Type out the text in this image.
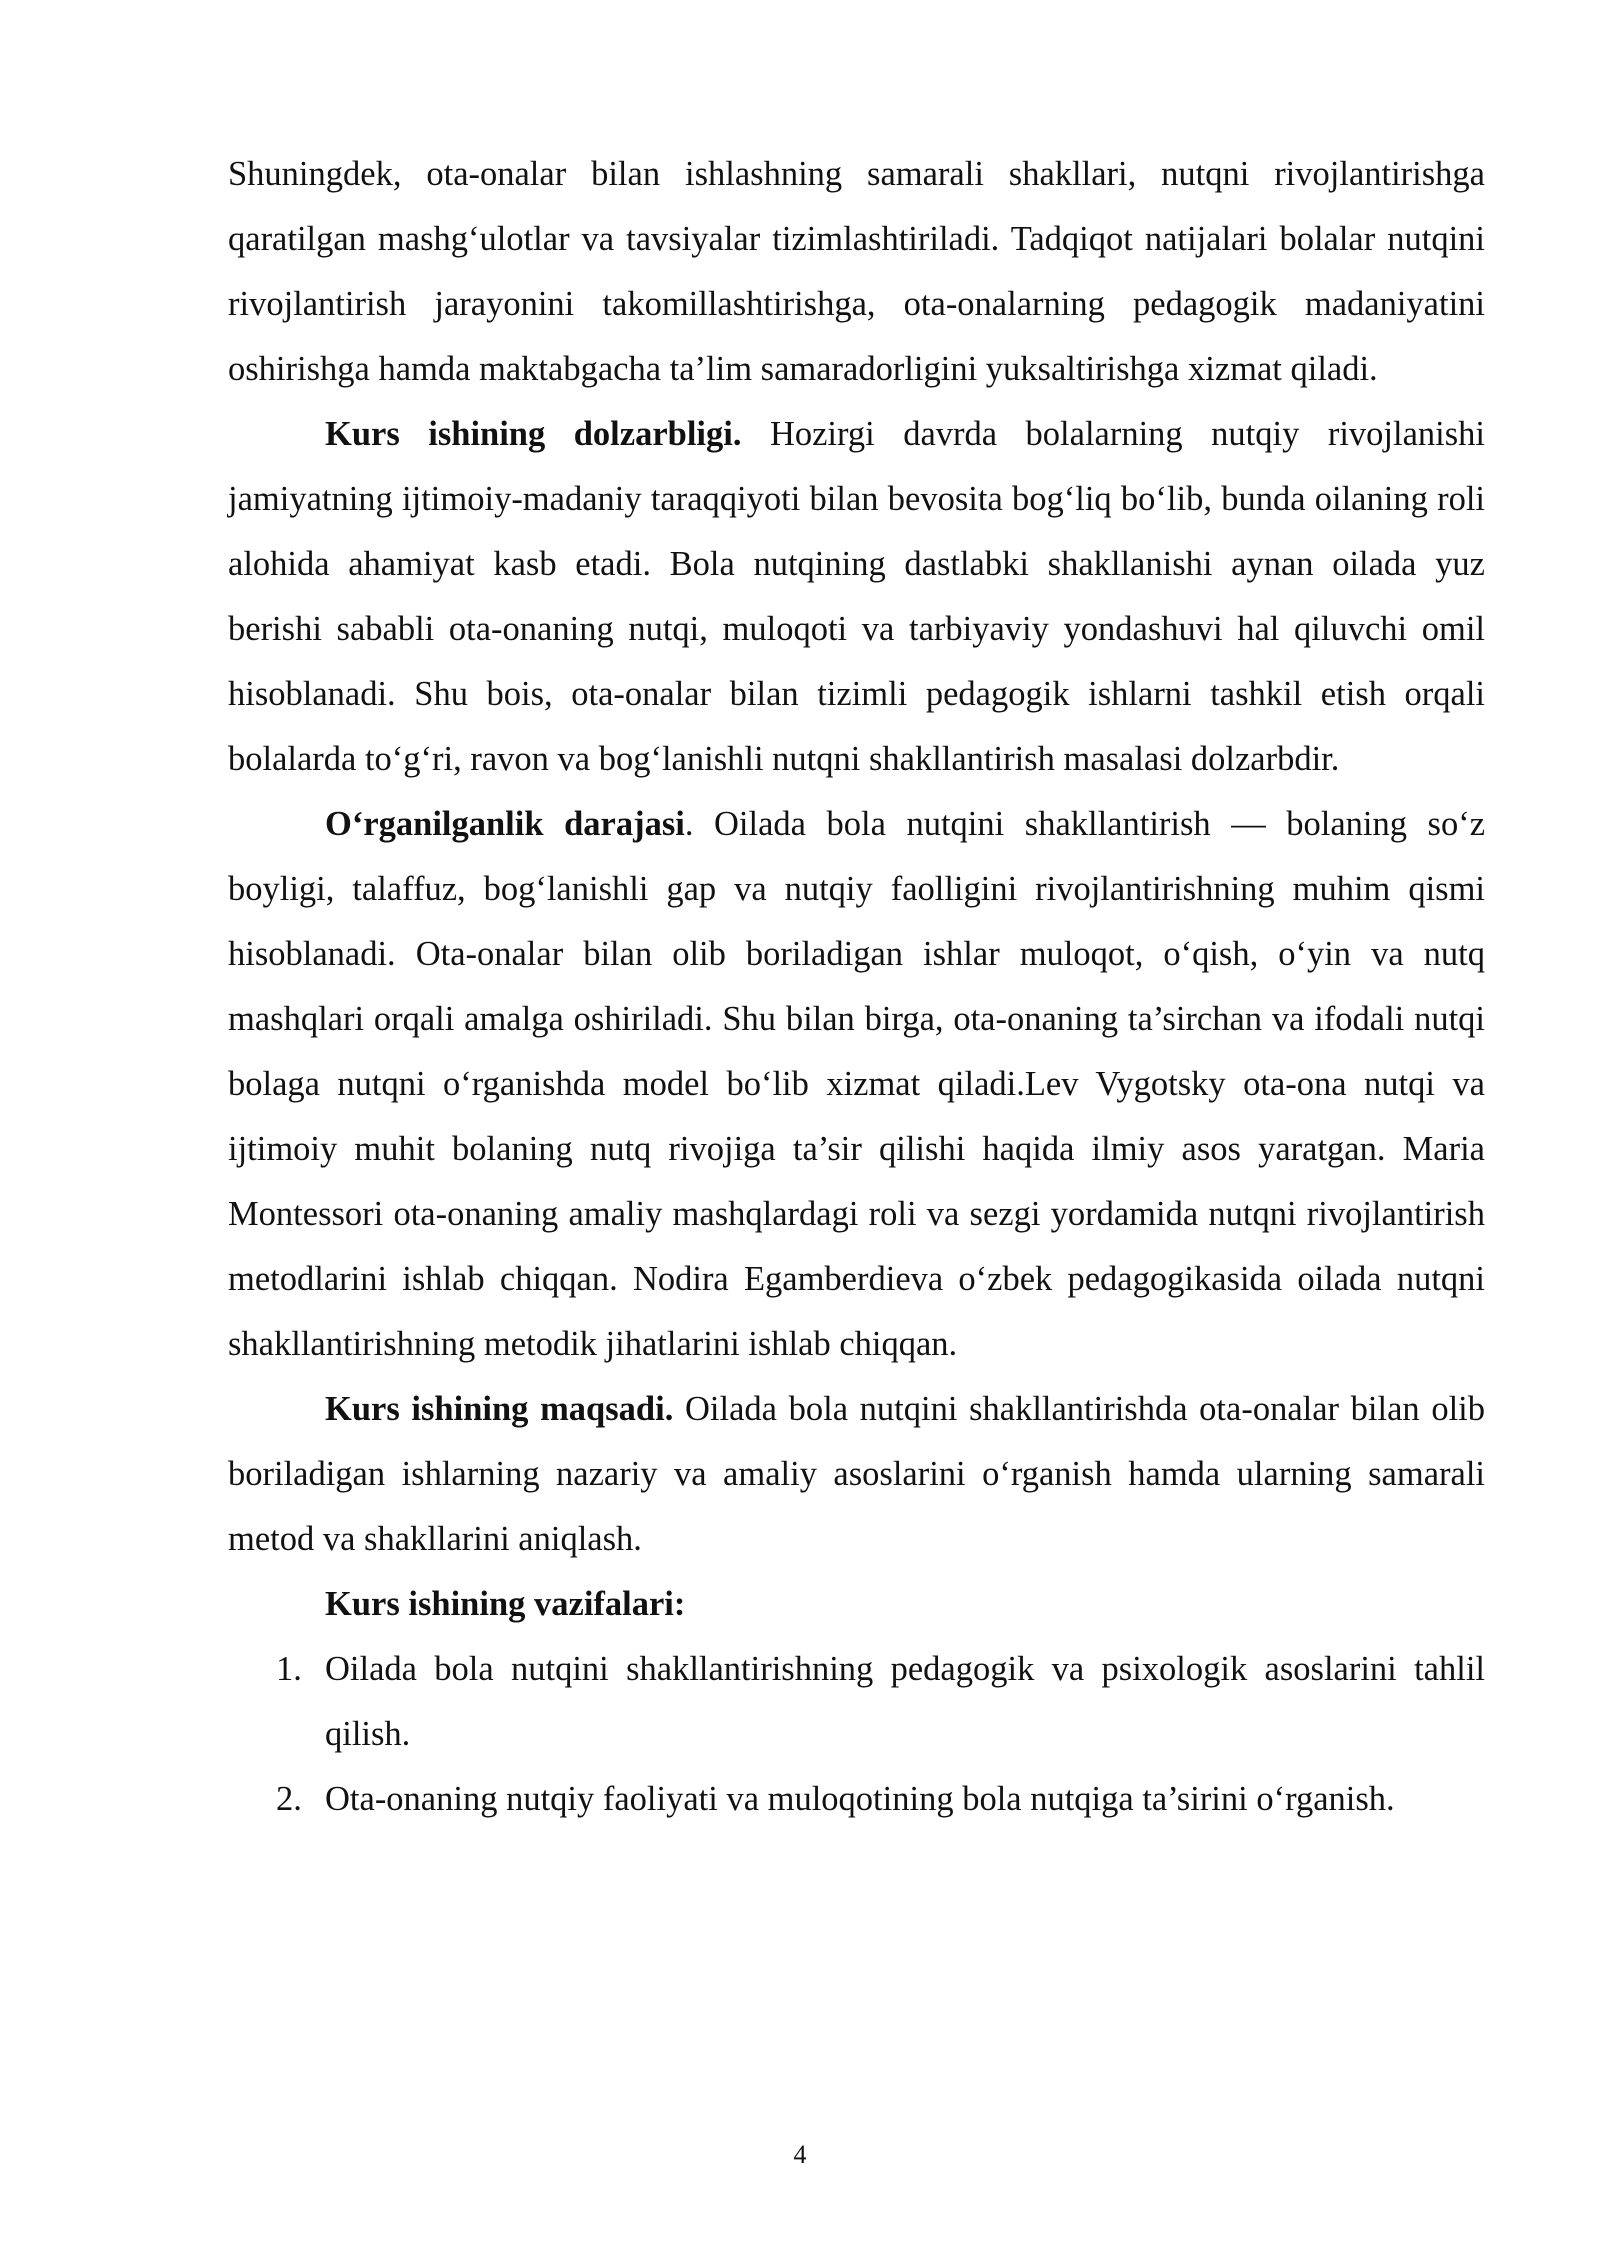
Shuningdek, ota-onalar bilan ishlashning samarali shakllari, nutqni rivojlantirishga qaratilgan mashg‘ulotlar va tavsiyalar tizimlashtiriladi. Tadqiqot natijalari bolalar nutqini rivojlantirish jarayonini takomillashtirishga, ota-onalarning pedagogik madaniyatini oshirishga hamda maktabgacha ta’lim samaradorligini yuksaltirishga xizmat qiladi.

Kurs ishining dolzarbligi. Hozirgi davrda bolalarning nutqiy rivojlanishi jamiyatning ijtimoiy-madaniy taraqqiyoti bilan bevosita bog‘liq bo‘lib, bunda oilaning roli alohida ahamiyat kasb etadi. Bola nutqining dastlabki shakllanishi aynan oilada yuz berishi sababli ota-onaning nutqi, muloqoti va tarbiyaviy yondashuvi hal qiluvchi omil hisoblanadi. Shu bois, ota-onalar bilan tizimli pedagogik ishlarni tashkil etish orqali bolalarda to‘g‘ri, ravon va bog‘lanishli nutqni shakllantirish masalasi dolzarbdir.

O‘rganilganlik darajasi. Oilada bola nutqini shakllantirish — bolaning so‘z boyligi, talaffuz, bog‘lanishli gap va nutqiy faolligini rivojlantirishning muhim qismi hisoblanadi. Ota-onalar bilan olib boriladigan ishlar muloqot, o‘qish, o‘yin va nutq mashqlari orqali amalga oshiriladi. Shu bilan birga, ota-onaning ta’sirchan va ifodali nutqi bolaga nutqni o‘rganishda model bo‘lib xizmat qiladi.Lev Vygotsky ota-ona nutqi va ijtimoiy muhit bolaning nutq rivojiga ta’sir qilishi haqida ilmiy asos yaratgan. Maria Montessori ota-onaning amaliy mashqlardagi roli va sezgi yordamida nutqni rivojlantirish metodlarini ishlab chiqqan. Nodira Egamberdieva o‘zbek pedagogikasida oilada nutqni shakllantirishning metodik jihatlarini ishlab chiqqan.

Kurs ishining maqsadi. Oilada bola nutqini shakllantirishda ota-onalar bilan olib boriladigan ishlarning nazariy va amaliy asoslarini o‘rganish hamda ularning samarali metod va shakllarini aniqlash.

Kurs ishining vazifalari:

1. Oilada bola nutqini shakllantirishning pedagogik va psixologik asoslarini tahlil qilish.
2. Ota-onaning nutqiy faoliyati va muloqotining bola nutqiga ta’sirini o‘rganish.
4
